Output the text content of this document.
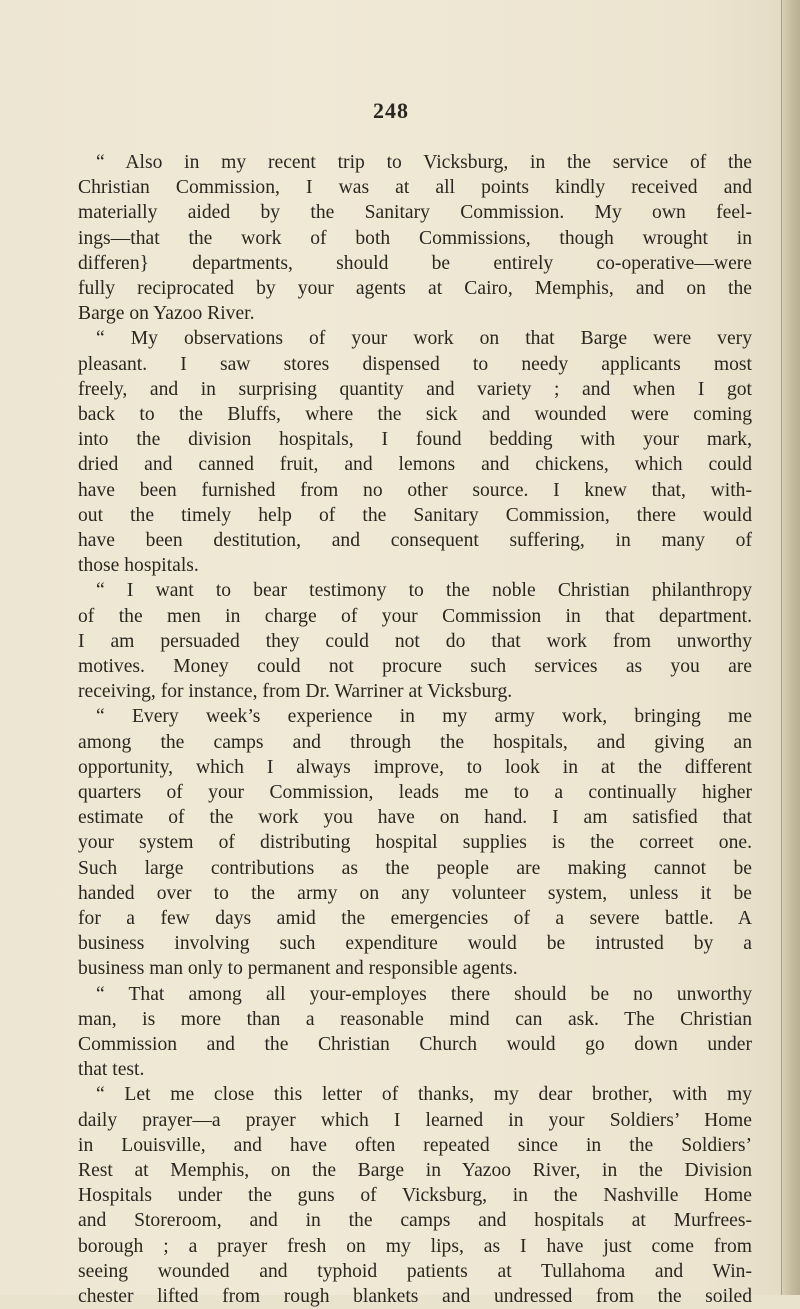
248
“ Also in my recent trip to Vicksburg, in the service of the
Christian Commission, I was at all points kindly received and
materially aided by the Sanitary Commission. My own feel-
ings—that the work of both Commissions, though wrought in
differen} departments, should be entirely co-operative—were
fully reciprocated by your agents at Cairo, Memphis, and on the
Barge on Yazoo River.
“ My observations of your work on that Barge were very
pleasant. I saw stores dispensed to needy applicants most
freely, and in surprising quantity and variety ; and when I got
back to the Bluffs, where the sick and wounded were coming
into the division hospitals, I found bedding with your mark,
dried and canned fruit, and lemons and chickens, which could
have been furnished from no other source. I knew that, with-
out the timely help of the Sanitary Commission, there would
have been destitution, and consequent suffering, in many of
those hospitals.
“ I want to bear testimony to the noble Christian philanthropy
of the men in charge of your Commission in that department.
I am persuaded they could not do that work from unworthy
motives. Money could not procure such services as you are
receiving, for instance, from Dr. Warriner at Vicksburg.
“ Every week’s experience in my army work, bringing me
among the camps and through the hospitals, and giving an
opportunity, which I always improve, to look in at the different
quarters of your Commission, leads me to a continually higher
estimate of the work you have on hand. I am satisfied that
your system of distributing hospital supplies is the correet one.
Such large contributions as the people are making cannot be
handed over to the army on any volunteer system, unless it be
for a few days amid the emergencies of a severe battle. A
business involving such expenditure would be intrusted by a
business man only to permanent and responsible agents.
“ That among all your-employes there should be no unworthy
man, is more than a reasonable mind can ask. The Christian
Commission and the Christian Church would go down under
that test.
“ Let me close this letter of thanks, my dear brother, with my
daily prayer—a prayer which I learned in your Soldiers’ Home
in Louisville, and have often repeated since in the Soldiers’
Rest at Memphis, on the Barge in Yazoo River, in the Division
Hospitals under the guns of Vicksburg, in the Nashville Home
and Storeroom, and in the camps and hospitals at Murfrees-
borough ; a prayer fresh on my lips, as I have just come from
seeing wounded and typhoid patients at Tullahoma and Win-
chester lifted from rough blankets and undressed from the soiled
